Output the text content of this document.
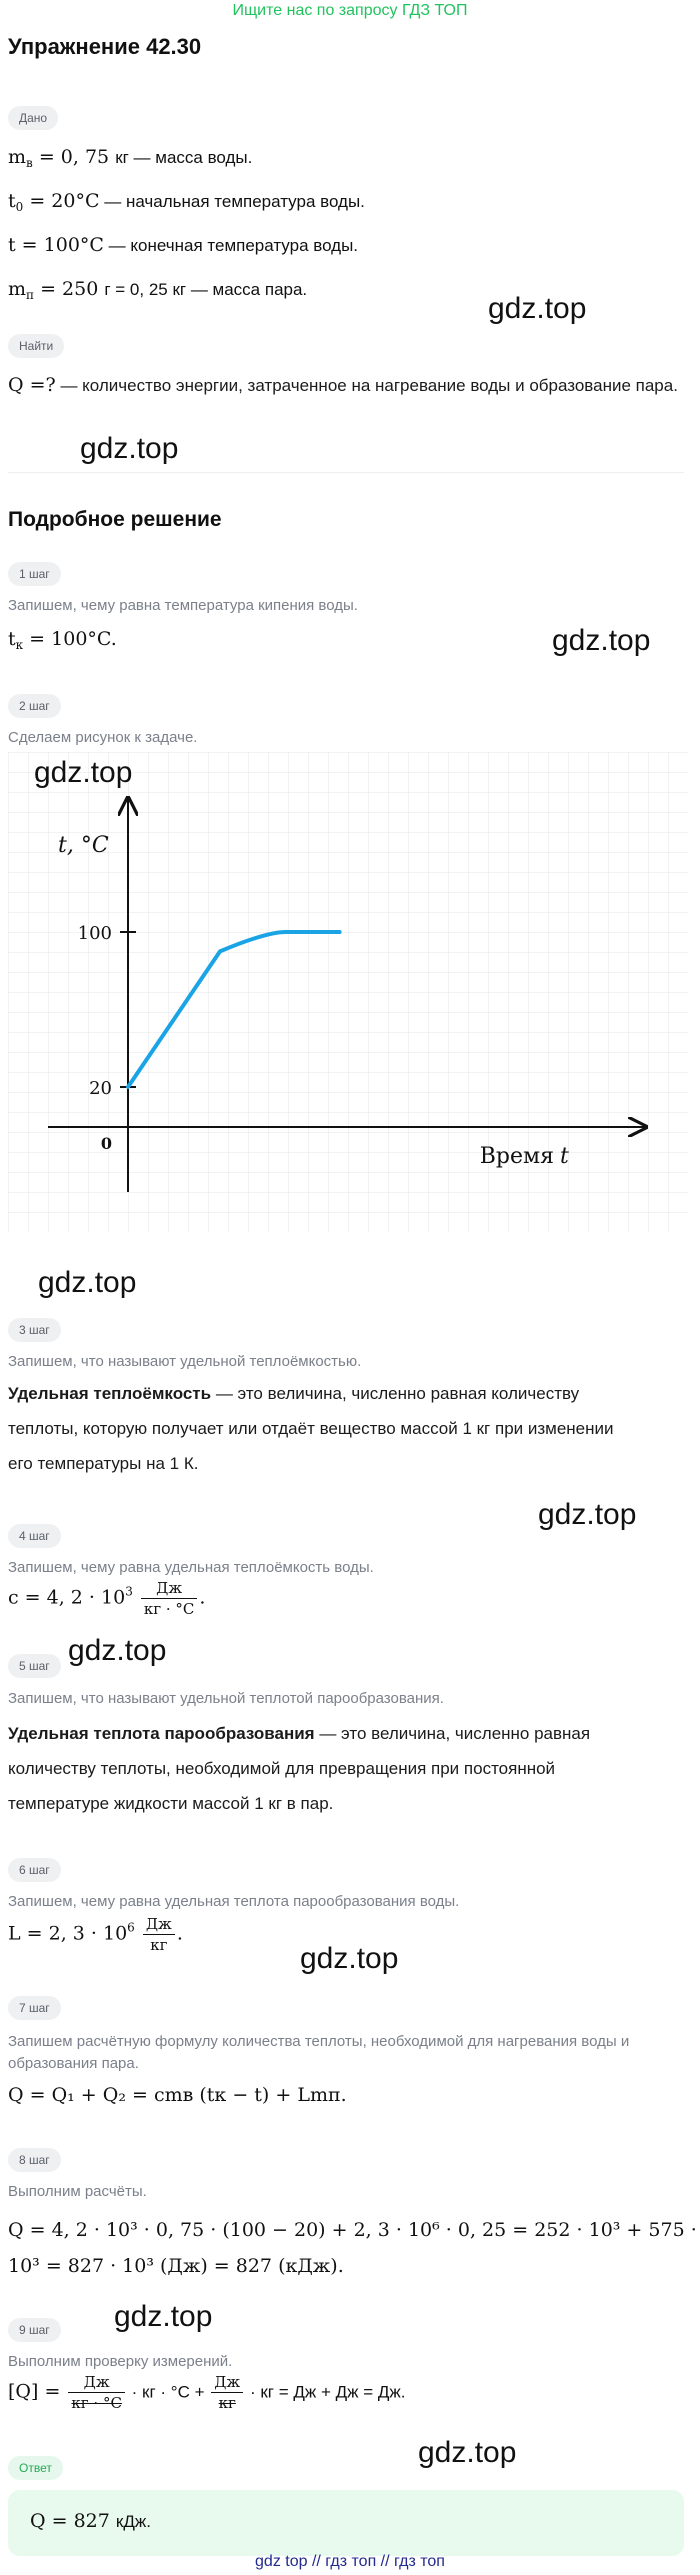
Ищите нас по запросу ГДЗ ТОП
Упражнение 42.30
Дано
$m_в = 0$, 75 кг — масса воды.
$t_0 = 20^\circ C$ — начальная температура воды.
t = 100°C — конечная температура воды.
$m_п = 250$ г = 0, 25 кг — масса пара.
gdz.top
Найти
Q =? — количество энергии, затраченное на нагревание воды и образование пара.
gdz.top
Подробное решение
1 шаг
Запишем, чему равна температура кипения воды.
$t_к = 100^\circ C$.	gdz.top
2 шаг
Сделаем рисунок к задаче.
t, °C
100
20
0
Время t
gdz.top
gdz.top
3 шаг
Запишем, что называют удельной теплоёмкостью.
Удельная теплоёмкость — это величина, численно равная количеству
теплоты, которую получает или отдаёт вещество массой 1 кг при изменении
его температуры на 1 К.
gdz.top
4 шаг
Запишем, чему равна удельная теплоёмкость воды.
c = 4, $2 \cdot 10^3 \frac{Дж}{кг \cdot ^\circ C}$ .
gdz.top
5 шаг
Запишем, что называют удельной теплотой парообразования.
Удельная теплота парообразования — это величина, численно равная
количеству теплоты, необходимой для превращения при постоянной
температуре жидкости массой 1 кг в пар.
6 шаг
Запишем, чему равна удельная теплота парообразования воды.
L = 2, $3 \cdot 10^6 \frac{Дж}{кг}$ .
gdz.top
7 шаг
Запишем расчётную формулу количества теплоты, необходимой для нагревания воды и
образования пара.
Q = Q₁ + Q₂ = cmв (tк − t) + Lmп.
8 шаг
Выполним расчёты.
Q = 4, 2 · 10³ · 0, 75 · (100 − 20) + 2, 3 · 10⁶ · 0, 25 = 252 · 10³ + 575 ·
10³ = 827 · 10³ (Дж) = 827 (кДж).
gdz.top
9 шаг
Выполним проверку измерений.
$[Q] = \frac{Дж}{кг \cdot ^\circ C}$ · кг · $^\circ C + \frac{Дж}{кг}$ · кг = Дж + Дж = Дж.
gdz.top
Ответ
Q = 827 кДж.
gdz top // гдз топ // гдз топ
